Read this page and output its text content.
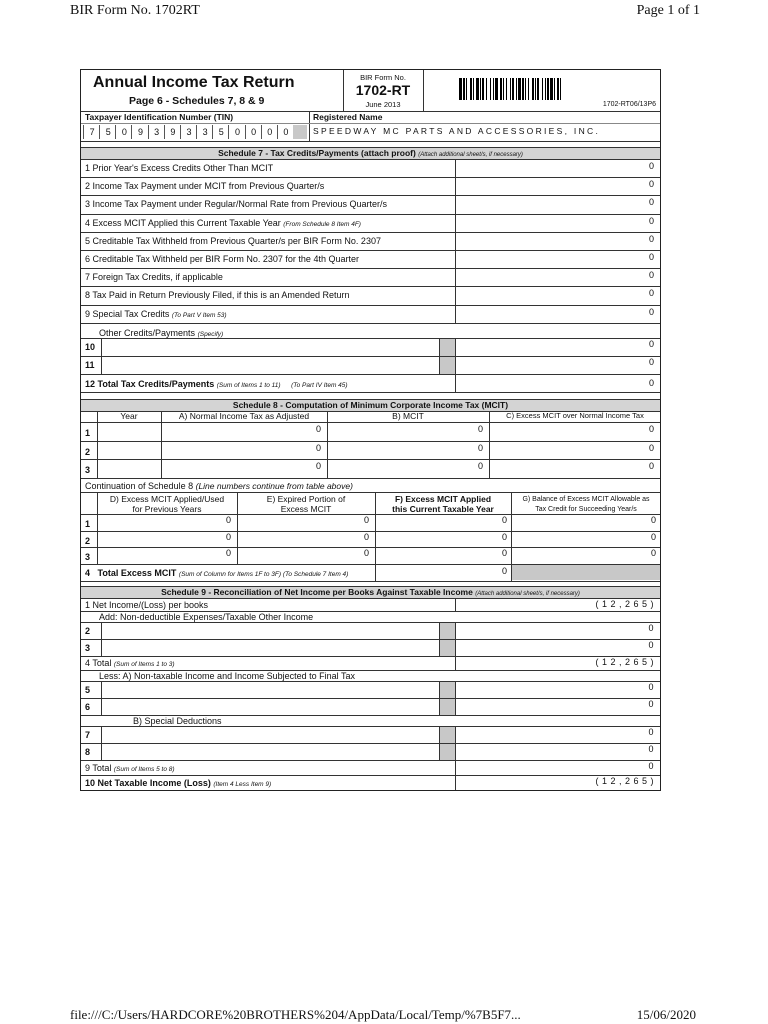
BIR Form No. 1702RT	Page 1 of 1
Annual Income Tax Return
Page 6 - Schedules 7, 8 & 9
BIR Form No.
1702-RT
June 2013	1702-RT06/13P6
Taxpayer Identification Number (TIN)	Registered Name
7	5	0	9	3	9	3	3	5	0	0	0	0	SPEEDWAY MC PARTS AND ACCESSORIES, INC.
Schedule 7 - Tax Credits/Payments (attach proof) (Attach additional sheet/s, if necessary)
1 Prior Year's Excess Credits Other Than MCIT	0
2 Income Tax Payment under MCIT from Previous Quarter/s	0
3 Income Tax Payment under Regular/Normal Rate from Previous Quarter/s	0
4 Excess MCIT Applied this Current Taxable Year (From Schedule 8 Item 4F)	0
5 Creditable Tax Withheld from Previous Quarter/s per BIR Form No. 2307	0
6 Creditable Tax Withheld per BIR Form No. 2307 for the 4th Quarter	0
7 Foreign Tax Credits, if applicable	0
8 Tax Paid in Return Previously Filed, if this is an Amended Return	0
9 Special Tax Credits (To Part V Item 53)	0
Other Credits/Payments (Specify)
10	0
11	0
12 Total Tax Credits/Payments (Sum of Items 1 to 11) (To Part IV Item 45)	0
Schedule 8 - Computation of Minimum Corporate Income Tax (MCIT)
Year	A) Normal Income Tax as Adjusted	B) MCIT	C) Excess MCIT over Normal Income Tax
1	0	0	0
2	0	0	0
3	0	0	0
Continuation of Schedule 8 (Line numbers continue from table above)
D) Excess MCIT Applied/Used
for Previous Years
E) Expired Portion of
Excess MCIT
F) Excess MCIT Applied
this Current Taxable Year
G) Balance of Excess MCIT Allowable as
Tax Credit for Succeeding Year/s
1	0	0	0	0
2	0	0	0	0
3	0	0	0	0
4 Total Excess MCIT (Sum of Column for Items 1F to 3F) (To Schedule 7 Item 4)	0
Schedule 9 - Reconciliation of Net Income per Books Against Taxable Income (Attach additional sheet/s, if necessary)
1 Net Income/(Loss) per books	( 1 2 , 2 6 5 )
Add: Non-deductible Expenses/Taxable Other Income
2	0
3	0
4 Total (Sum of Items 1 to 3)	( 1 2 , 2 6 5 )
Less: A) Non-taxable Income and Income Subjected to Final Tax
5	0
6	0
B) Special Deductions
7	0
8	0
9 Total (Sum of Items 5 to 8)	0
10 Net Taxable Income (Loss) (Item 4 Less Item 9)	( 1 2 , 2 6 5 )
file:///C:/Users/HARDCORE%20BROTHERS%204/AppData/Local/Temp/%7B5F7...	15/06/2020
